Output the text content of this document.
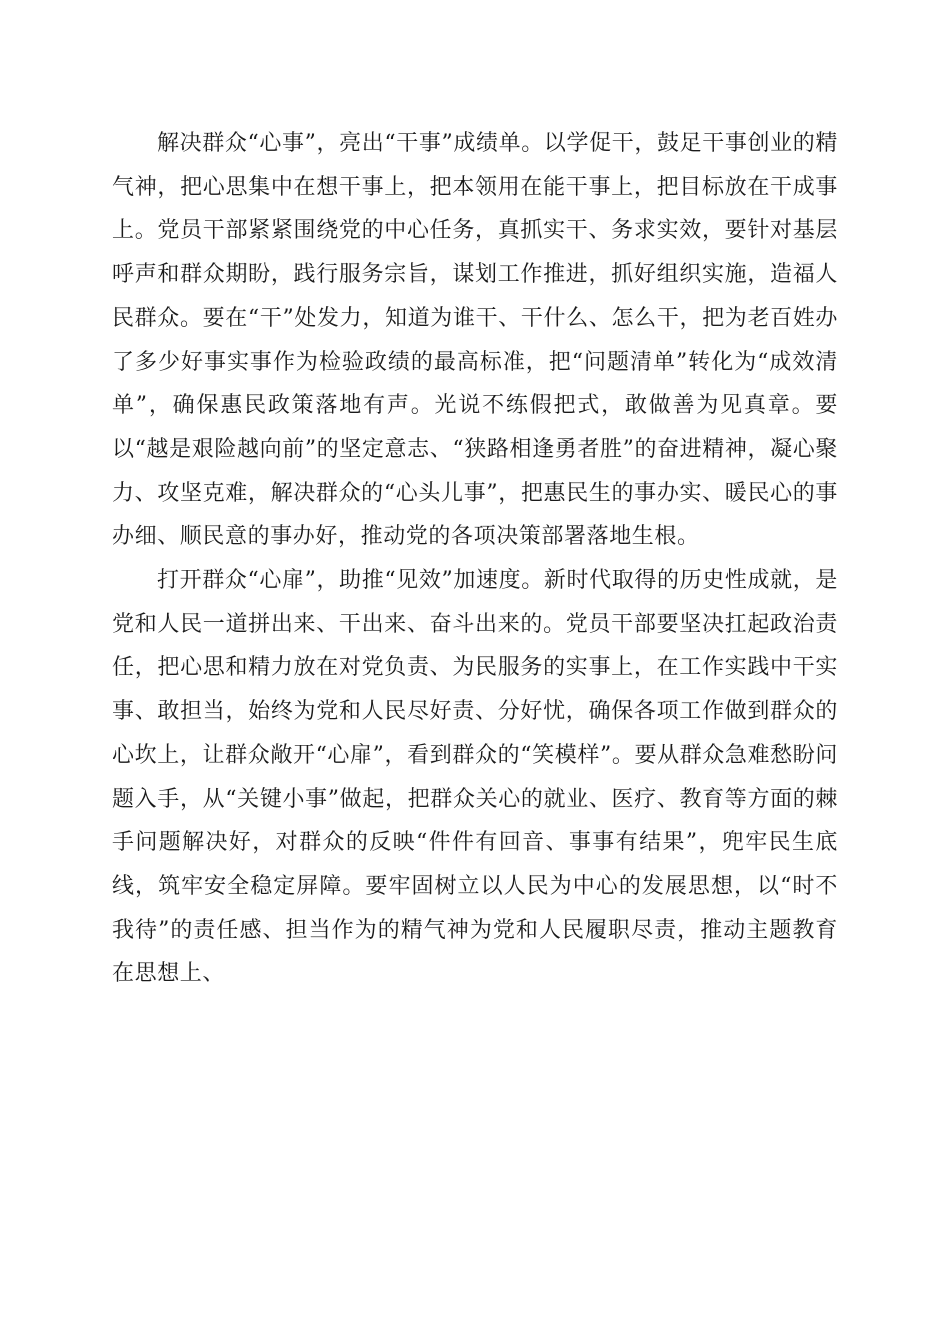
解决群众“心事”，亮出“干事”成绩单。以学促干，鼓足干事创业的精气神，把心思集中在想干事上，把本领用在能干事上，把目标放在干成事上。党员干部紧紧围绕党的中心任务，真抓实干、务求实效，要针对基层呼声和群众期盼，践行服务宗旨，谋划工作推进，抓好组织实施，造福人民群众。要在“干”处发力，知道为谁干、干什么、怎么干，把为老百姓办了多少好事实事作为检验政绩的最高标准，把“问题清单”转化为“成效清单”，确保惠民政策落地有声。光说不练假把式，敢做善为见真章。要以“越是艰险越向前”的坚定意志、“狭路相逢勇者胜”的奋进精神，凝心聚力、攻坚克难，解决群众的“心头儿事”，把惠民生的事办实、暖民心的事办细、顺民意的事办好，推动党的各项决策部署落地生根。

打开群众“心扉”，助推“见效”加速度。新时代取得的历史性成就，是党和人民一道拼出来、干出来、奋斗出来的。党员干部要坚决扛起政治责任，把心思和精力放在对党负责、为民服务的实事上，在工作实践中干实事、敢担当，始终为党和人民尽好责、分好忧，确保各项工作做到群众的心坎上，让群众敞开“心扉”，看到群众的“笑模样”。要从群众急难愁盼问题入手，从“关键小事”做起，把群众关心的就业、医疗、教育等方面的棘手问题解决好，对群众的反映“件件有回音、事事有结果”，兜牢民生底线，筑牢安全稳定屏障。要牢固树立以人民为中心的发展思想，以“时不我待”的责任感、担当作为的精气神为党和人民履职尽责，推动主题教育在思想上、
